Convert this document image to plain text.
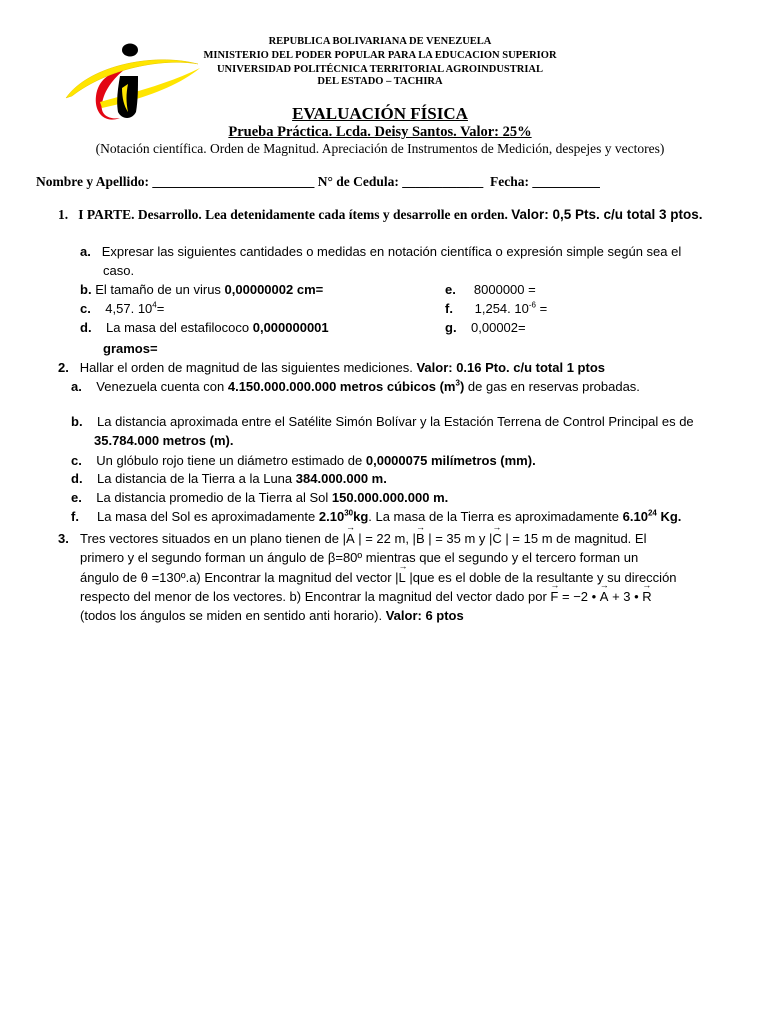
REPUBLICA BOLIVARIANA DE VENEZUELA
MINISTERIO DEL PODER POPULAR PARA LA EDUCACION SUPERIOR
UNIVERSIDAD POLITÉCNICA TERRITORIAL AGROINDUSTRIAL
DEL ESTADO – TACHIRA
EVALUACIÓN FÍSICA
Prueba Práctica. Lcda. Deisy Santos. Valor: 25%
(Notación científica. Orden de Magnitud. Apreciación de Instrumentos de Medición, despejes y vectores)
Nombre y Apellido: ________________________ N° de Cedula: ____________ Fecha: __________
1. I PARTE. Desarrollo. Lea detenidamente cada ítems y desarrolle en orden. Valor: 0,5 Pts. c/u total 3 ptos.
a. Expresar las siguientes cantidades o medidas en notación científica o expresión simple según sea el
caso.
b. El tamaño de un virus 0,00000002 cm=
c. 4,57. $10^4=$
d. La masa del estafilococo 0,000000001
gramos=
e. 8000000 =
f. 1,254. $10^{-6}$ =
g. 0,00002=
2. Hallar el orden de magnitud de las siguientes mediciones. Valor: 0.16 Pto. c/u total 1 ptos
a. Venezuela cuenta con 4.150.000.000.000 metros cúbicos $(m^3)$ de gas en reservas probadas.
b. La distancia aproximada entre el Satélite Simón Bolívar y la Estación Terrena de Control Principal es de
35.784.000 metros (m).
c. Un glóbulo rojo tiene un diámetro estimado de 0,0000075 milímetros (mm).
d. La distancia de la Tierra a la Luna 384.000.000 m.
e. La distancia promedio de la Tierra al Sol 150.000.000.000 m.
f. La masa del Sol es aproximadamente 2.10$^{30}$kg. La masa de la Tierra es aproximadamente 6.10$^{24}$ Kg.
3. Tres vectores situados en un plano tienen de |→ A | = 22 m, |→ B | = 35 m y |→ C | = 15 m de magnitud. El
primero y el segundo forman un ángulo de β=80º mientras que el segundo y el tercero forman un
ángulo de θ =130º.a) Encontrar la magnitud del vector |→ L |que es el doble de la resultante y su dirección
respecto del menor de los vectores. b) Encontrar la magnitud del vector dado por → F = −2 • → A + 3 • → R
(todos los ángulos se miden en sentido anti horario). Valor: 6 ptos
